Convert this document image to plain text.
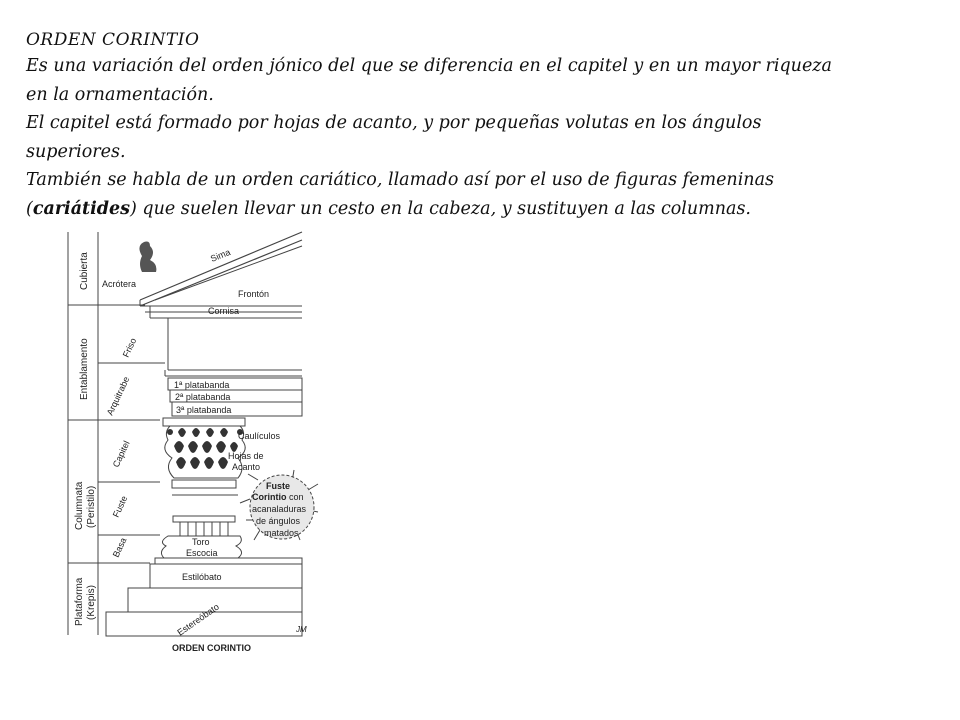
ORDEN CORINTIO

Es una variación del orden jónico del que se diferencia en el capitel y en un mayor riqueza

en la ornamentación.

El capitel está formado por hojas de acanto, y por pequeñas volutas en los ángulos

superiores.

También se habla de un orden cariático, llamado así por el uso de figuras femeninas

(cariátides) que suelen llevar un cesto en la cabeza, y sustituyen a las columnas.

Cubierta
Entablamento
Columnata (Peristilo)
Plataforma (Krepis)
Friso
Arquitrabe
Capitel
Fuste
Basa
Acrótera
Sima
Frontón
Cornisa
1ª platabanda
2ª platabanda
3ª platabanda
Caulículos
Hojas de
Acanto
Toro
Escocia
Estilóbato
Estereóbato
Fuste
Corintio con
acanaladuras
de ángulos
matados
ORDEN CORINTIO
JM
